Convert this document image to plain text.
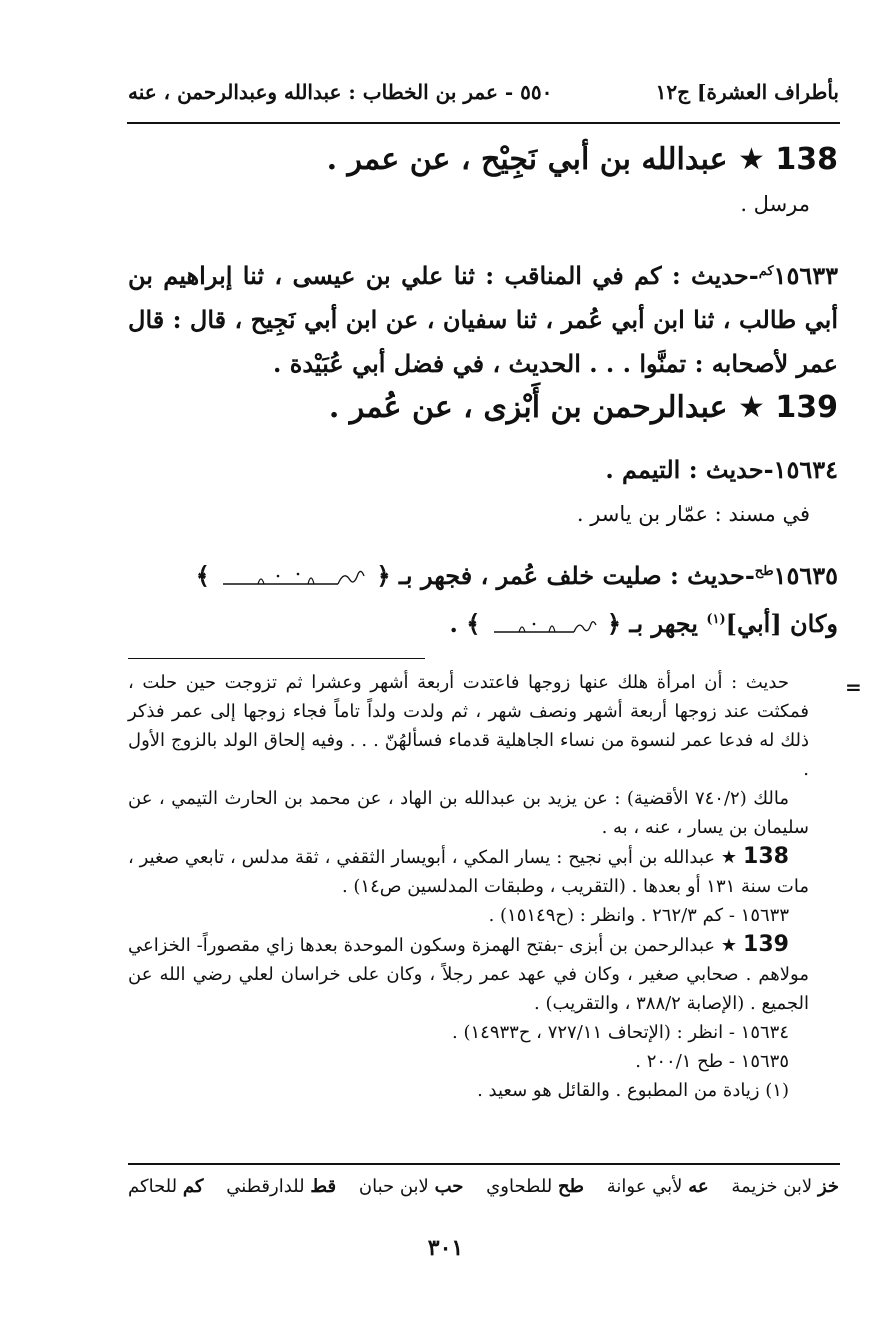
بأطراف العشرة] ج١٢
٥٥٠ - عمر بن الخطاب : عبدالله وعبدالرحمن ، عنه
138 ★ عبدالله بن أبي نَجِيْح ، عن عمر .
مرسل .
$١٥٦٣٣^{كم}$-حديث : كم في المناقب : ثنا علي بن عيسى ، ثنا إبراهيم بن أبي طالب ، ثنا ابن أبي عُمر ، ثنا سفيان ، عن ابن أبي نَجِيح ، قال : قال عمر لأصحابه : تمنَّوا . . . الحديث ، في فضل أبي عُبَيْدة .
139 ★ عبدالرحمن بن أَبْزى ، عن عُمر .
١٥٦٣٤-حديث : التيمم .
في مسند : عمّار بن ياسر .
$١٥٦٣٥^{طح}$-حديث : صليت خلف عُمر ، فجهر بـ ﴿  ﴾
وكان [أبي]$^{(١)}$ يجهر بـ ﴿  ﴾ .
=

حديث : أن امرأة هلك عنها زوجها فاعتدت أربعة أشهر وعشرا ثم تزوجت حين حلت ، فمكثت عند زوجها أربعة أشهر ونصف شهر ، ثم ولدت ولداً تاماً فجاء زوجها إلى عمر فذكر ذلك له فدعا عمر لنسوة من نساء الجاهلية قدماء فسألهُنّ . . . وفيه إلحاق الولد بالزوج الأول .

مالك (٧٤٠/٢ الأقضية) : عن يزيد بن عبدالله بن الهاد ، عن محمد بن الحارث التيمي ، عن سليمان بن يسار ، عنه ، به .

138 ★ عبدالله بن أبي نجيح : يسار المكي ، أبويسار الثقفي ، ثقة مدلس ، تابعي صغير ، مات سنة ١٣١ أو بعدها . (التقريب ، وطبقات المدلسين ص١٤) .

١٥٦٣٣ - كم ٢٦٢/٣ . وانظر : (ح١٥١٤٩) .

139 ★ عبدالرحمن بن أبزى -بفتح الهمزة وسكون الموحدة بعدها زاي مقصوراً- الخزاعي مولاهم . صحابي صغير ، وكان في عهد عمر رجلاً ، وكان على خراسان لعلي رضي الله عن الجميع . (الإصابة ٣٨٨/٢ ، والتقريب) .

١٥٦٣٤ - انظر : (الإتحاف ٧٢٧/١١ ، ح١٤٩٣٣) .

١٥٦٣٥ - طح ٢٠٠/١ .

(١) زيادة من المطبوع . والقائل هو سعيد .

خز لابن خزيمة
عه لأبي عوانة
طح للطحاوي
حب لابن حبان
قط للدارقطني
كم للحاكم
٣٠١
